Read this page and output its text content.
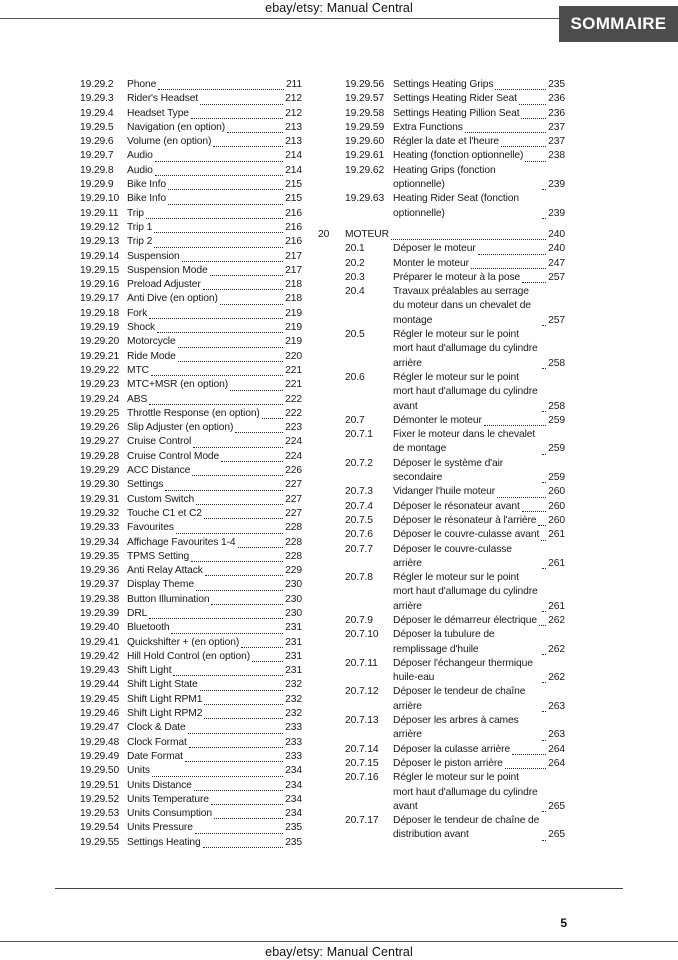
ebay/etsy: Manual Central
SOMMAIRE
19.29.2	Phone	211
19.29.3	Rider's Headset	212
19.29.4	Headset Type	212
19.29.5	Navigation (en option)	213
19.29.6	Volume (en option)	213
19.29.7	Audio	214
19.29.8	Audio	214
19.29.9	Bike Info	215
19.29.10 Bike Info	215
19.29.11 Trip	216
19.29.12 Trip 1	216
19.29.13 Trip 2	216
19.29.14 Suspension	217
19.29.15 Suspension Mode	217
19.29.16 Preload Adjuster	218
19.29.17 Anti Dive (en option)	218
19.29.18 Fork	219
19.29.19 Shock	219
19.29.20 Motorcycle	219
19.29.21 Ride Mode	220
19.29.22 MTC	221
19.29.23 MTC+MSR (en option)	221
19.29.24 ABS	222
19.29.25 Throttle Response (en option) 222
19.29.26 Slip Adjuster (en option)	223
19.29.27 Cruise Control	224
19.29.28 Cruise Control Mode	224
19.29.29 ACC Distance	226
19.29.30 Settings	227
19.29.31 Custom Switch	227
19.29.32 Touche C1 et C2	227
19.29.33 Favourites	228
19.29.34 Affichage Favourites 1-4	228
19.29.35 TPMS Setting	228
19.29.36 Anti Relay Attack	229
19.29.37 Display Theme	230
19.29.38 Button Illumination	230
19.29.39 DRL	230
19.29.40 Bluetooth	231
19.29.41 Quickshifter + (en option)	231
19.29.42 Hill Hold Control (en option)	231
19.29.43 Shift Light	231
19.29.44 Shift Light State	232
19.29.45 Shift Light RPM1	232
19.29.46 Shift Light RPM2	232
19.29.47 Clock & Date	233
19.29.48 Clock Format	233
19.29.49 Date Format	233
19.29.50 Units	234
19.29.51 Units Distance	234
19.29.52 Units Temperature	234
19.29.53 Units Consumption	234
19.29.54 Units Pressure	235
19.29.55 Settings Heating	235
19.29.56 Settings Heating Grips	235
19.29.57 Settings Heating Rider Seat	236
19.29.58 Settings Heating Pillion Seat	236
19.29.59 Extra Functions	237
19.29.60 Régler la date et l'heure	237
19.29.61 Heating (fonction optionnelle) 238
19.29.62 Heating Grips (fonction optionnelle)	239
19.29.63 Heating Rider Seat (fonction optionnelle)	239
20	MOTEUR	240
20.1	Déposer le moteur	240
20.2	Monter le moteur	247
20.3	Préparer le moteur à la pose	257
20.4	Travaux préalables au serrage du moteur dans un chevalet de montage	257
20.5	Régler le moteur sur le point mort haut d'allumage du cylindre arrière	258
20.6	Régler le moteur sur le point mort haut d'allumage du cylindre avant	258
20.7	Démonter le moteur	259
20.7.1	Fixer le moteur dans le chevalet de montage	259
20.7.2	Déposer le système d'air secondaire	259
20.7.3	Vidanger l'huile moteur	260
20.7.4	Déposer le résonateur avant	260
20.7.5	Déposer le résonateur à l'arrière 260
20.7.6	Déposer le couvre-culasse avant 261
20.7.7	Déposer le couvre-culasse arrière	261
20.7.8	Régler le moteur sur le point mort haut d'allumage du cylindre arrière	261
20.7.9	Déposer le démarreur électrique 262
20.7.10	Déposer la tubulure de remplissage d'huile	262
20.7.11	Déposer l'échangeur thermique huile-eau	262
20.7.12	Déposer le tendeur de chaîne arrière	263
20.7.13	Déposer les arbres à cames arrière	263
20.7.14	Déposer la culasse arrière	264
20.7.15	Déposer le piston arrière	264
20.7.16	Régler le moteur sur le point mort haut d'allumage du cylindre avant	265
20.7.17	Déposer le tendeur de chaîne de distribution avant	265
5
ebay/etsy: Manual Central
